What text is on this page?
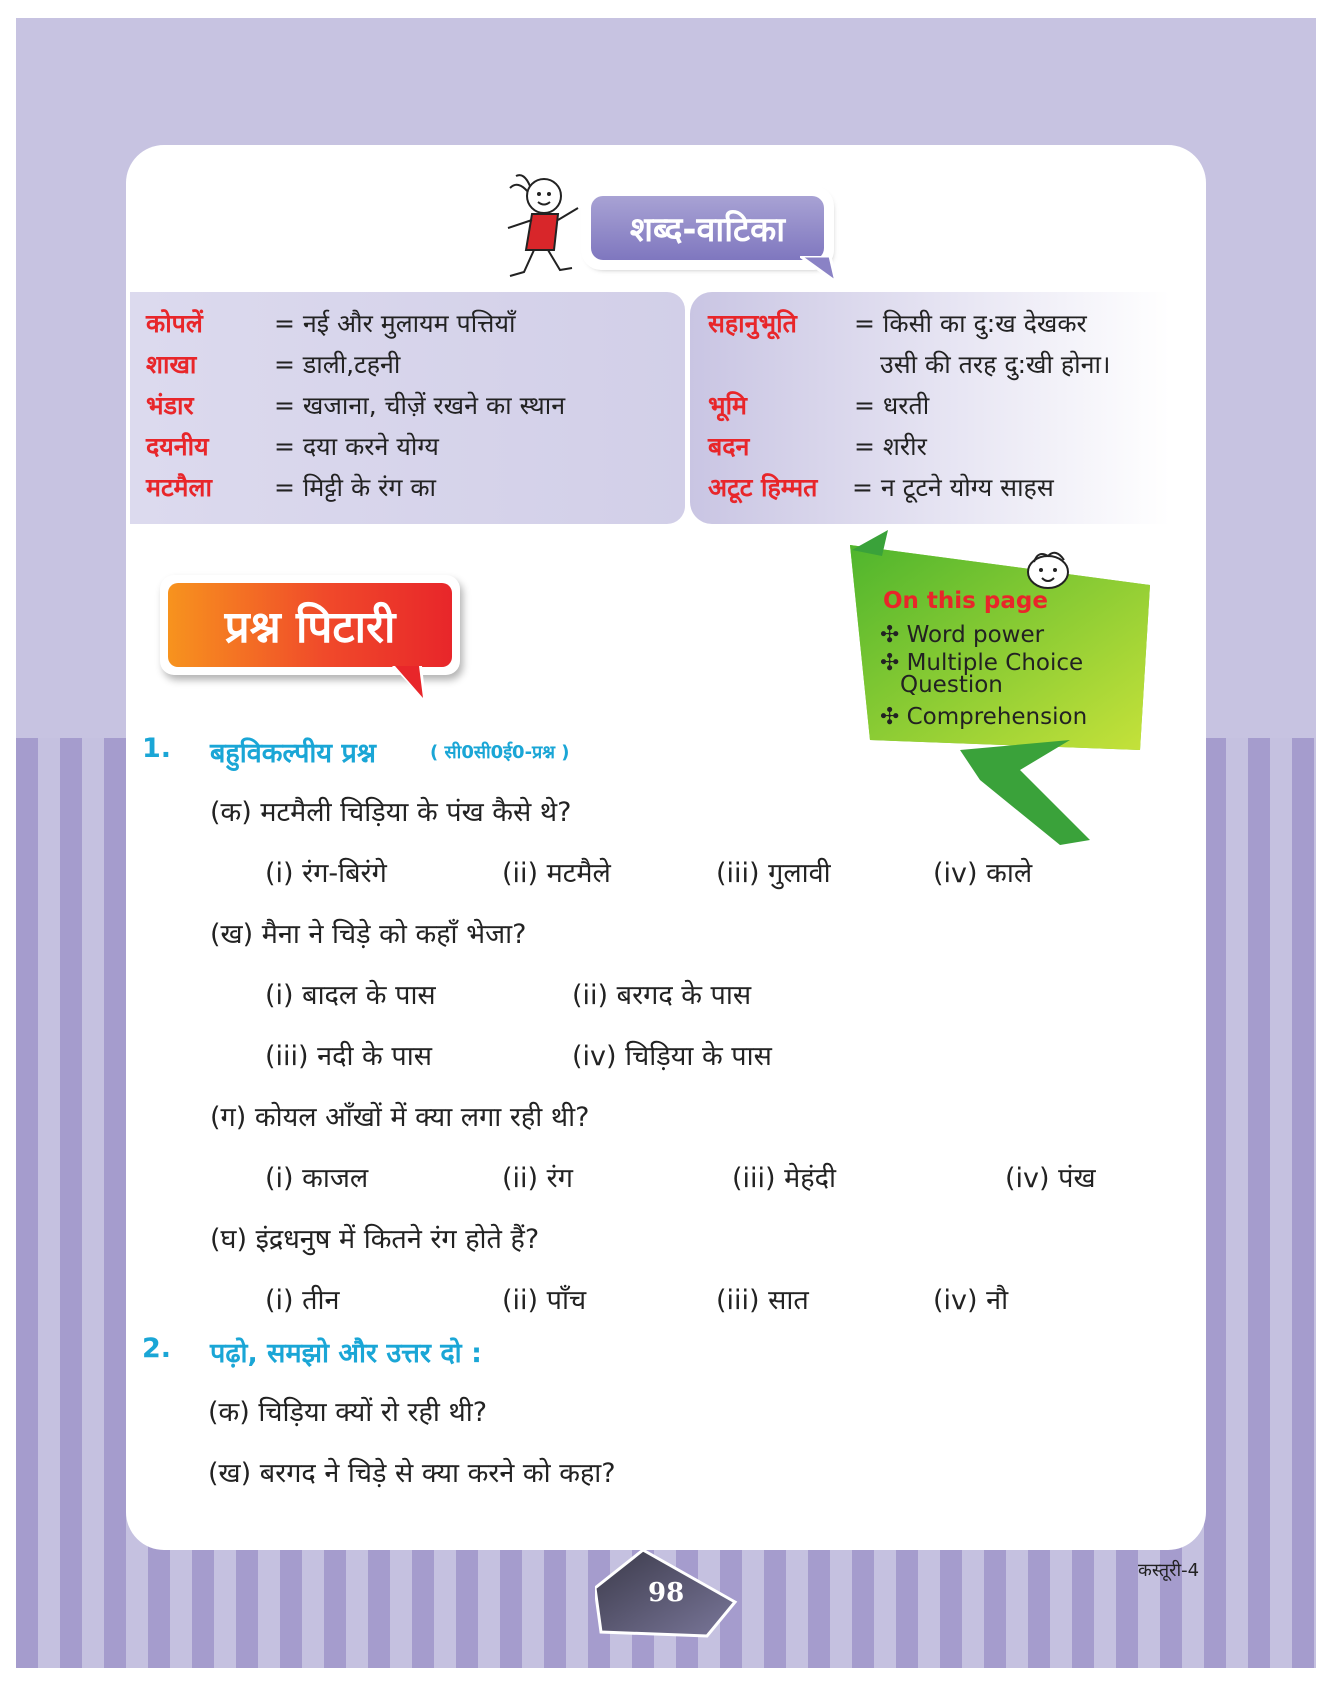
शब्द-वाटिका
कोपलें	= नई और मुलायम पत्तियाँ
शाखा	= डाली,टहनी
भंडार	= खजाना, चीज़ें रखने का स्थान
दयनीय	= दया करने योग्य
मटमैला = मिट्टी के रंग का
सहानुभूति = किसी का दु:ख देखकर
उसी की तरह दु:खी होना।
भूमि	= धरती
बदन	= शरीर
अटूट हिम्मत = न टूटने योग्य साहस
प्रश्न पिटारी
On this page
✣ Word power
✣ Multiple Choice
Question
✣ Comprehension
1. बहुविकल्पीय प्रश्न	( सी0सी0ई0-प्रश्न )
(क) मटमैली चिड़िया के पंख कैसे थे?
(i) रंग-बिरंगे	(ii) मटमैले	(iii) गुलावी	(iv) काले
(ख) मैना ने चिड़े को कहाँ भेजा?
(i) बादल के पास	(ii) बरगद के पास
(iii) नदी के पास	(iv) चिड़िया के पास
(ग) कोयल आँखों में क्या लगा रही थी?
(i) काजल	(ii) रंग	(iii) मेहंदी	(iv) पंख
(घ) इंद्रधनुष में कितने रंग होते हैं?
(i) तीन	(ii) पाँच	(iii) सात	(iv) नौ
2. पढ़ो, समझो और उत्तर दो :
(क) चिड़िया क्यों रो रही थी?
(ख) बरगद ने चिड़े से क्या करने को कहा?
कस्तूरी-4
98
